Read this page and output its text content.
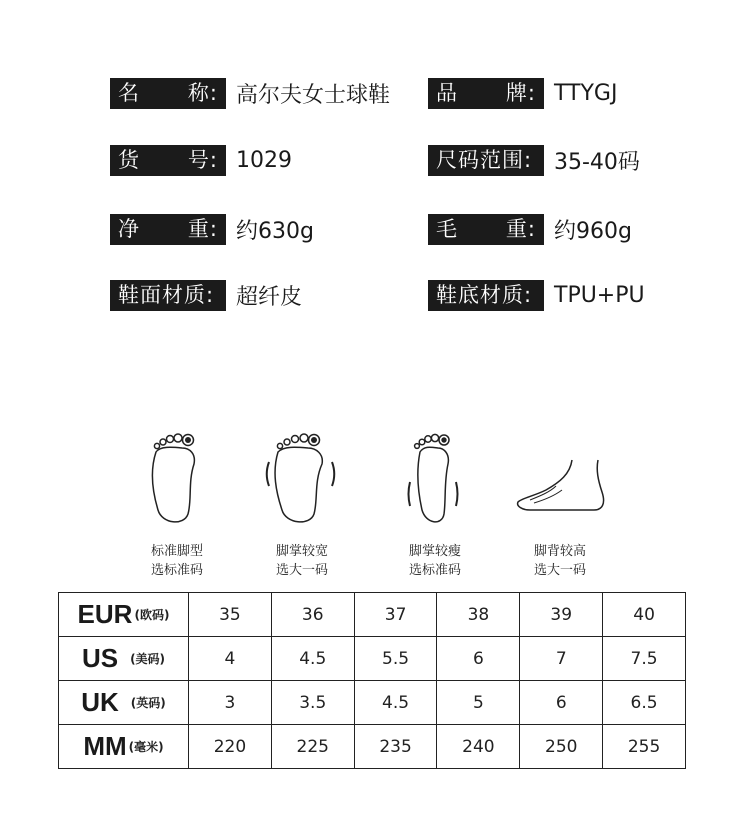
名 称: 高尔夫女士球鞋
货 号: 1029
净 重: 约630g
鞋面材质: 超纤皮
品 牌: TTYGJ
尺码范围: 35-40码
毛 重: 约960g
鞋底材质: TPU+PU
标准脚型
选标准码
脚掌较宽
选大一码
脚掌较瘦
选标准码
脚背较高
选大一码
EUR (欧码)	35	36	37	38	39	40
US (美码)	4	4.5	5.5	6	7	7.5
UK (英码)	3	3.5	4.5	5	6	6.5
MM (毫米)	220	225	235	240	250	255
